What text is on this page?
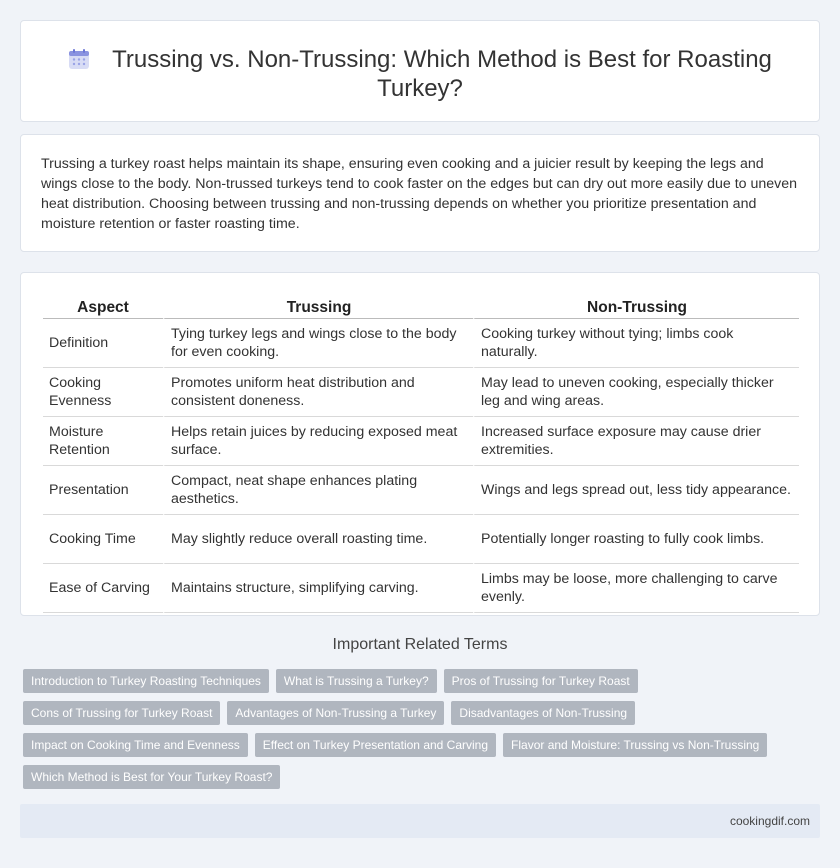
Trussing vs. Non-Trussing: Which Method is Best for Roasting Turkey?

Trussing a turkey roast helps maintain its shape, ensuring even cooking and a juicier result by keeping the legs and wings close to the body. Non-trussed turkeys tend to cook faster on the edges but can dry out more easily due to uneven heat distribution. Choosing between trussing and non-trussing depends on whether you prioritize presentation and moisture retention or faster roasting time.

Aspect	Trussing	Non-Trussing
Definition	Tying turkey legs and wings close to the body for even cooking.	Cooking turkey without tying; limbs cook naturally.
Cooking Evenness	Promotes uniform heat distribution and consistent doneness.	May lead to uneven cooking, especially thicker leg and wing areas.
Moisture Retention	Helps retain juices by reducing exposed meat surface.	Increased surface exposure may cause drier extremities.
Presentation	Compact, neat shape enhances plating aesthetics.	Wings and legs spread out, less tidy appearance.
Cooking Time	May slightly reduce overall roasting time.	Potentially longer roasting to fully cook limbs.
Ease of Carving	Maintains structure, simplifying carving.	Limbs may be loose, more challenging to carve evenly.
Important Related Terms
Introduction to Turkey Roasting Techniques	What is Trussing a Turkey?	Pros of Trussing for Turkey Roast
Cons of Trussing for Turkey Roast	Advantages of Non-Trussing a Turkey	Disadvantages of Non-Trussing
Impact on Cooking Time and Evenness	Effect on Turkey Presentation and Carving	Flavor and Moisture: Trussing vs Non-Trussing
Which Method is Best for Your Turkey Roast?
cookingdif.com
